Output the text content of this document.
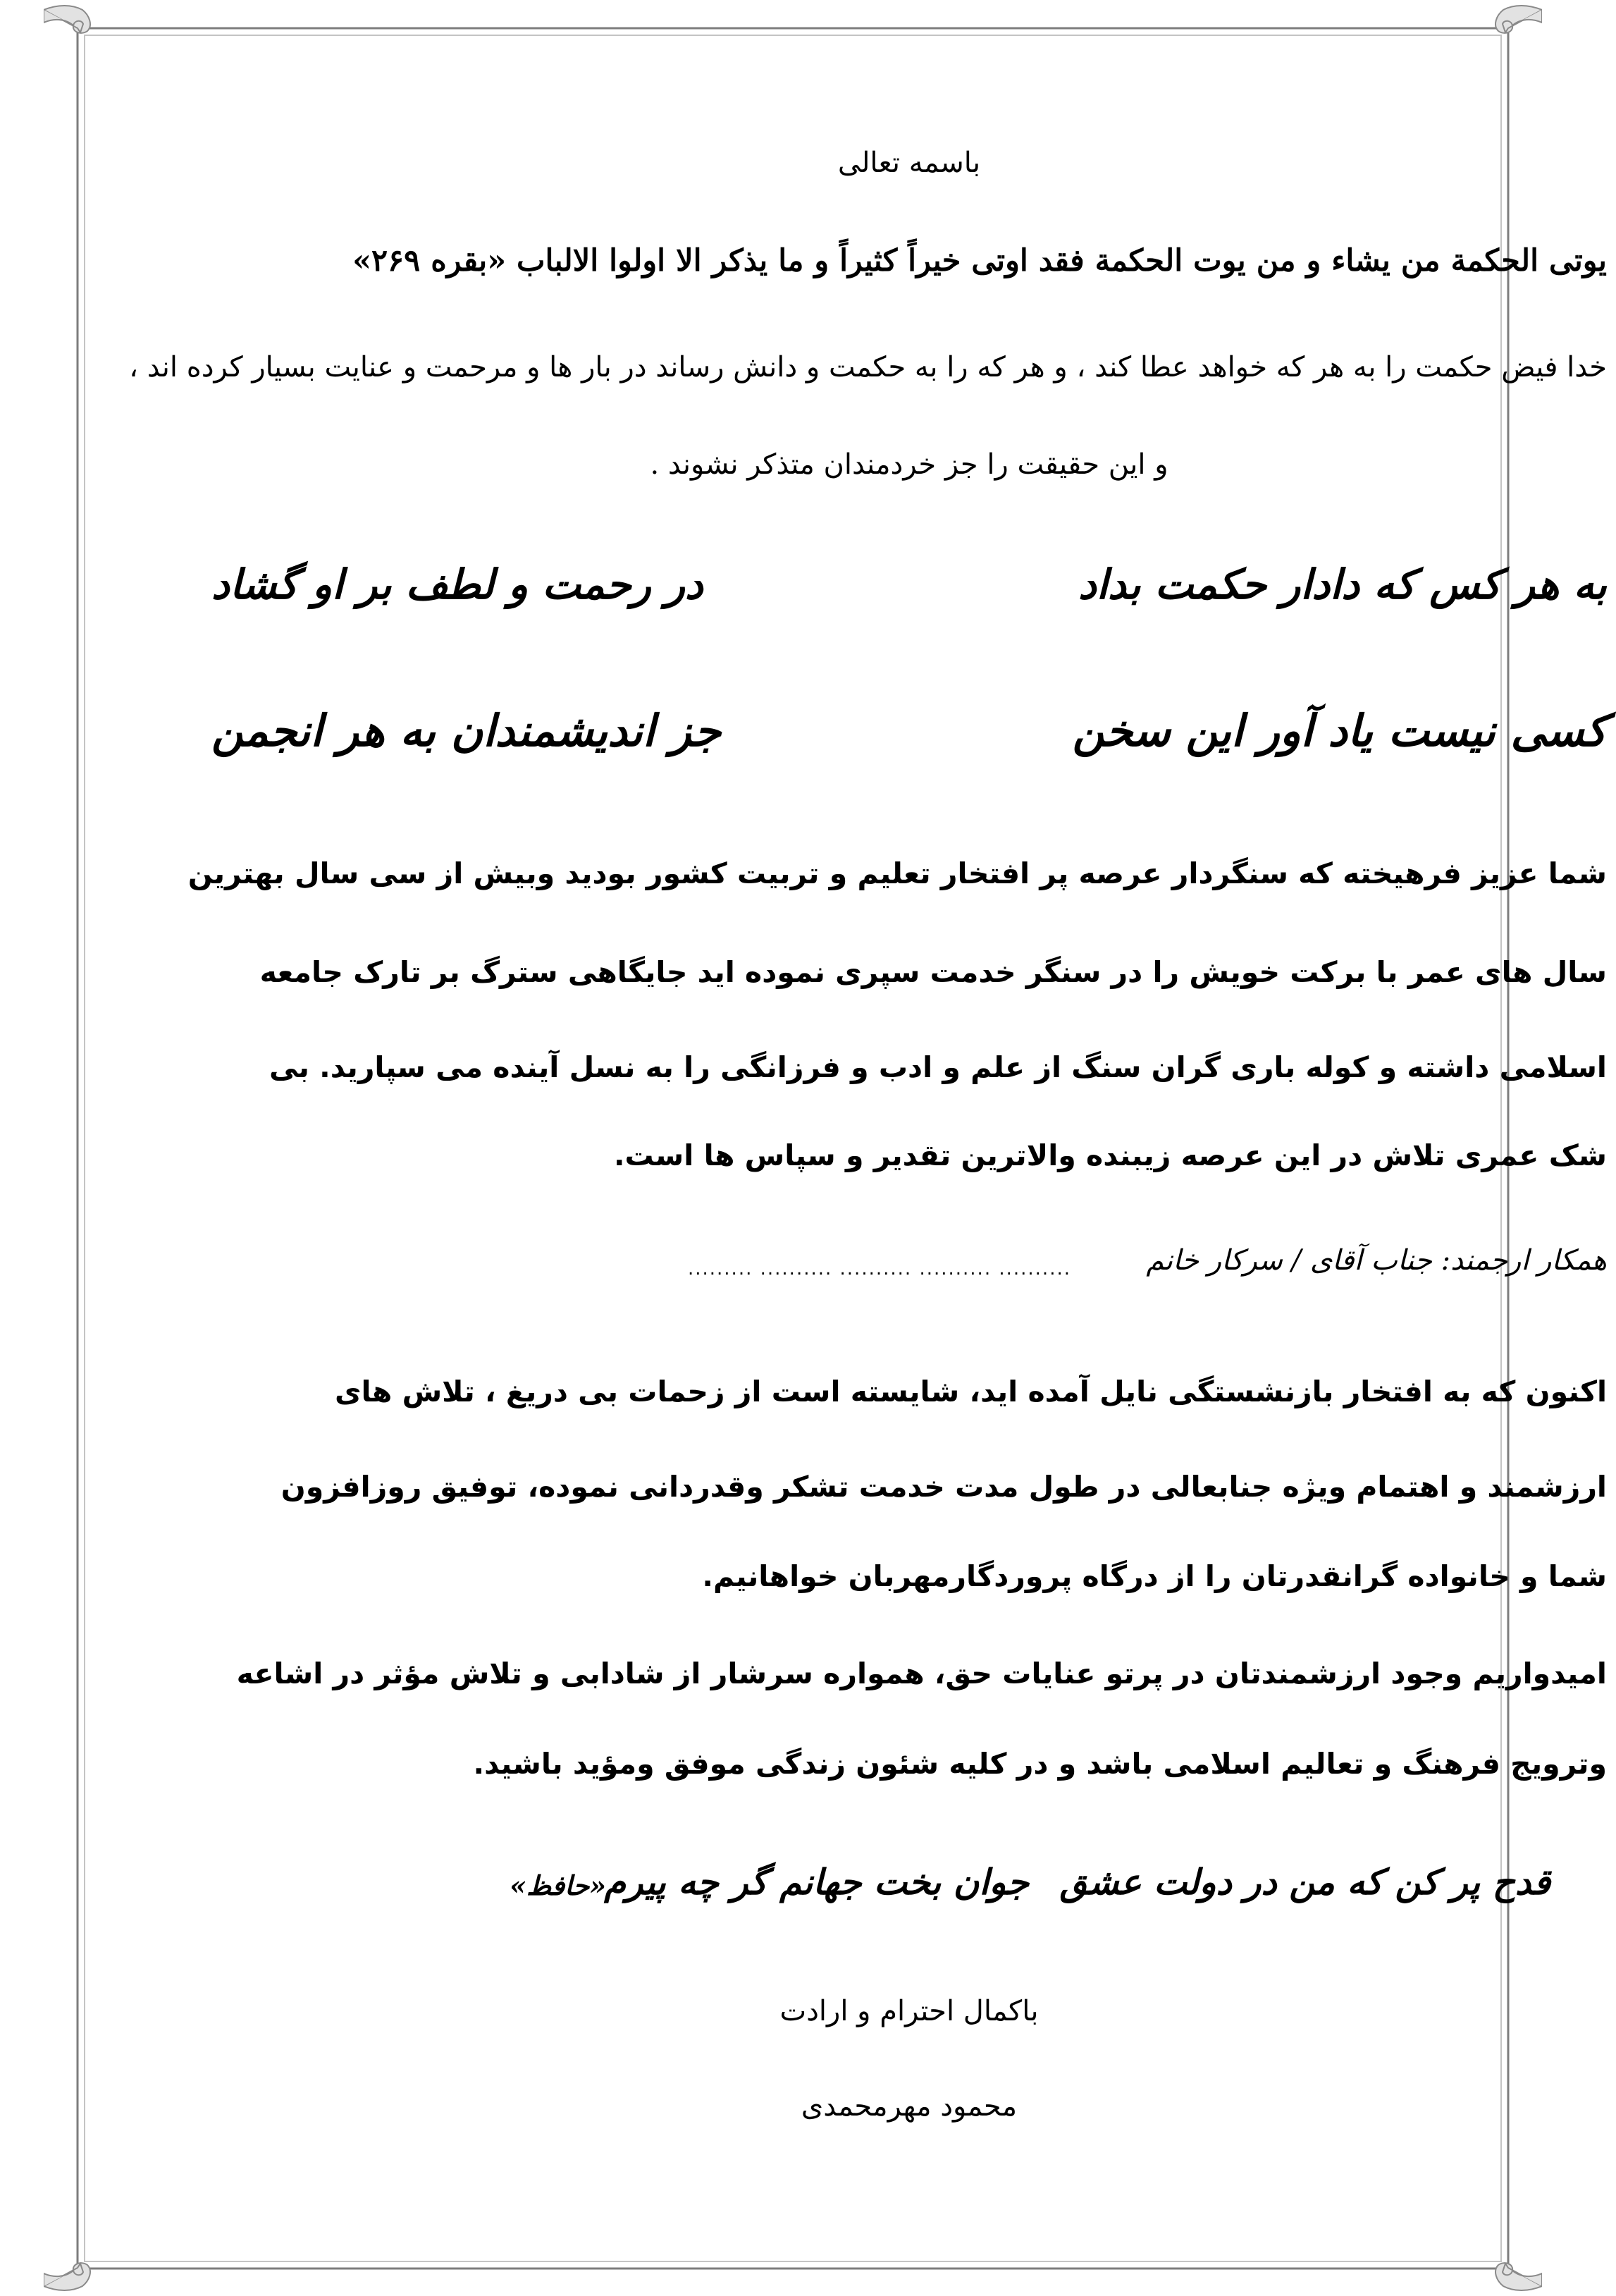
باسمه تعالی
یوتی الحکمة من یشاء و من یوت الحکمة فقد اوتی خیراً کثیراً و ما یذکر الا اولوا الالباب «بقره ۲۶۹»
خدا فیض حکمت را به هر که خواهد عطا کند ، و هر که را به حکمت و دانش رساند در بار ها و مرحمت و عنایت بسیار کرده اند ،
و این حقیقت را جز خردمندان متذکر نشوند .
به هر کس که دادار حکمت بداد
در رحمت و لطف بر او گشاد
کسی نیست یاد آور این سخن
جز اندیشمندان به هر انجمن
شما عزیز فرهیخته که سنگردار عرصه پر افتخار تعلیم و تربیت کشور بودید وبیش از سی سال بهترین
سال های عمر با برکت خویش را در سنگر خدمت سپری نموده اید جایگاهی سترگ بر تارک جامعه
اسلامی داشته و کوله باری گران سنگ از علم و ادب و فرزانگی را به نسل آینده می سپارید. بی
شک عمری تلاش در این عرصه زیبنده والاترین تقدیر و سپاس ها است.
همکار ارجمند: جناب آقای / سرکار خانم
......... .......... .......... .......... ..........
اکنون که به افتخار بازنشستگی نایل آمده اید، شایسته است از زحمات بی دریغ ، تلاش های
ارزشمند و اهتمام ویژه جنابعالی در طول مدت خدمت تشکر وقدردانی نموده، توفیق روزافزون
شما و خانواده گرانقدرتان را از درگاه پروردگارمهربان خواهانیم.
امیدواریم وجود ارزشمندتان در پرتو عنایات حق، همواره سرشار از شادابی و تلاش مؤثر در اشاعه
وترویج فرهنگ و تعالیم اسلامی باشد و در کلیه شئون زندگی موفق ومؤید باشید.
قدح پر کن که من در دولت عشق
جوان بخت جهانم گر چه پیرم
«حافظ»
باکمال احترام و ارادت
محمود مهرمحمدی
